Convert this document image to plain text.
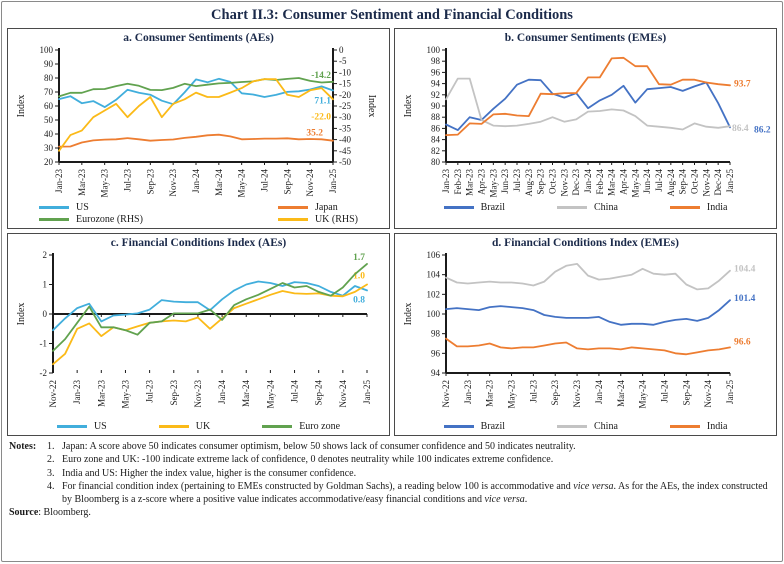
Chart II.3: Consumer Sentiment and Financial Conditions
a. Consumer Sentiments (AEs)
20
30
40
50
60
70
80
90
100
-50
-45
-40
-35
-30
-25
-20
-15
-10
-5
0
Jan-23 Mar-23 May-23 Jul-23 Sep-23 Nov-23 Jan-24 Mar-24 May-24 Jul-24 Sep-24 Nov-24 Jan-25
Index	Index
71.1
35.2
-14.2
-22.0
US	Japan
Eurozone (RHS)	UK (RHS)
b. Consumer Sentiments (EMEs)
80
82
84
86
88
90
92
94
96
98
100
Jan-23 Feb-23 Mar-23 Apr-23 May-23 Jun-23 Jul-23 Aug-23 Sep-23 Oct-23 Nov-23 Dec-23 Jan-24 Feb-24 Mar-24 Apr-24 May-24 Jun-24 Jul-24 Aug-24 Sep-24 Oct-24 Nov-24 Dec-24 Jan-25
Index
86.2
86.4
93.7
Brazil	China	India
c. Financial Conditions Index (AEs)
-2
-1
0
1
2
Nov-22 Jan-23 Mar-23 May-23 Jul-23 Sep-23 Nov-23 Jan-24 Mar-24 May-24 Jul-24 Sep-24 Nov-24 Jan-25
Index
0.8
1.0
1.7
US	UK	Euro zone
d. Financial Conditions Index (EMEs)
94
96
98
100
102
104
106
Nov-22 Jan-23 Mar-23 May-23 Jul-23 Sep-23 Nov-23 Jan-24 Mar-24 May-24 Jul-24 Sep-24 Nov-24 Jan-25
Index
101.4
104.4
96.6
Brazil	China	India
Notes:	1. Japan: A score above 50 indicates consumer optimism, below 50 shows lack of consumer confidence and 50 indicates neutrality.
2. Euro zone and UK: -100 indicate extreme lack of confidence, 0 denotes neutrality while 100 indicates extreme confidence.
3. India and US: Higher the index value, higher is the consumer confidence.
4. For financial condition index (pertaining to EMEs constructed by Goldman Sachs), a reading below 100 is accommodative and vice versa. As for the AEs, the index constructed by Bloomberg is a z-score where a positive value indicates accommodative/easy financial conditions and vice versa.
Source: Bloomberg.
